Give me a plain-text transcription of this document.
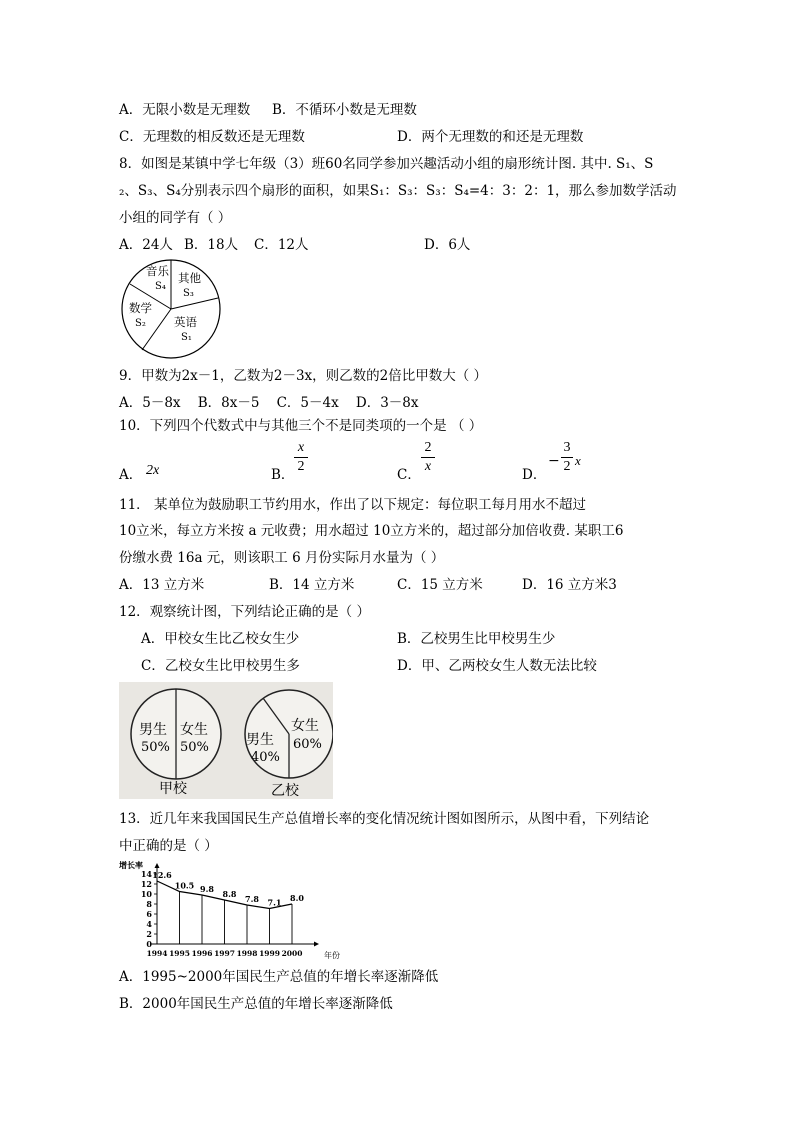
A．无限小数是无理数 B．不循环小数是无理数
C．无理数的相反数还是无理数	D．两个无理数的和还是无理数
8．如图是某镇中学七年级（3）班60名同学参加兴趣活动小组的扇形统计图. 其中. S₁、S
₂、S₃、S₄分别表示四个扇形的面积，如果S₁：S₃：S₃：S₄=4：3：2：1，那么参加数学活动
小组的同学有（ ）
A．24人 B．18人 C．12人	D．6人
音乐
S₄
其他
S₃
数学
S₂ 英语
S₁
9．甲数为2x－1，乙数为2－3x，则乙数的2倍比甲数大（ ）
A．5－8x    B．8x－5    C．5－4x    D．3－8x
10．下列四个代数式中与其他三个不是同类项的一个是 （ ）
A． 2x	B．
x
2
C．
2
x
D．
−
3
2 x
11． 某单位为鼓励职工节约用水，作出了以下规定：每位职工每月用水不超过
10立米，每立方米按 a 元收费；用水超过 10立方米的，超过部分加倍收费. 某职工6
份缴水费 16a 元，则该职工 6 月份实际月水量为（ ）
A．13 立方米	B．14 立方米	C．15 立方米	D．16 立方米3
12．观察统计图，下列结论正确的是（ ）
A．甲校女生比乙校女生少	B．乙校男生比甲校男生少
C．乙校女生比甲校男生多	D．甲、乙两校女生人数无法比较
男生
50%
女生
50%
甲校
男生
40%
女生
60%
乙校
13．近几年来我国国民生产总值增长率的变化情况统计图如图所示，从图中看，下列结论
中正确的是（ ）
增长率
年份
0
2
4
6
8
10
12
14
1994
12.6
1995
10.5
1996
9.8
1997
8.8
1998
7.8
1999
7.1
2000
8.0
A．1995~2000年国民生产总值的年增长率逐渐降低
B．2000年国民生产总值的年增长率逐渐降低
